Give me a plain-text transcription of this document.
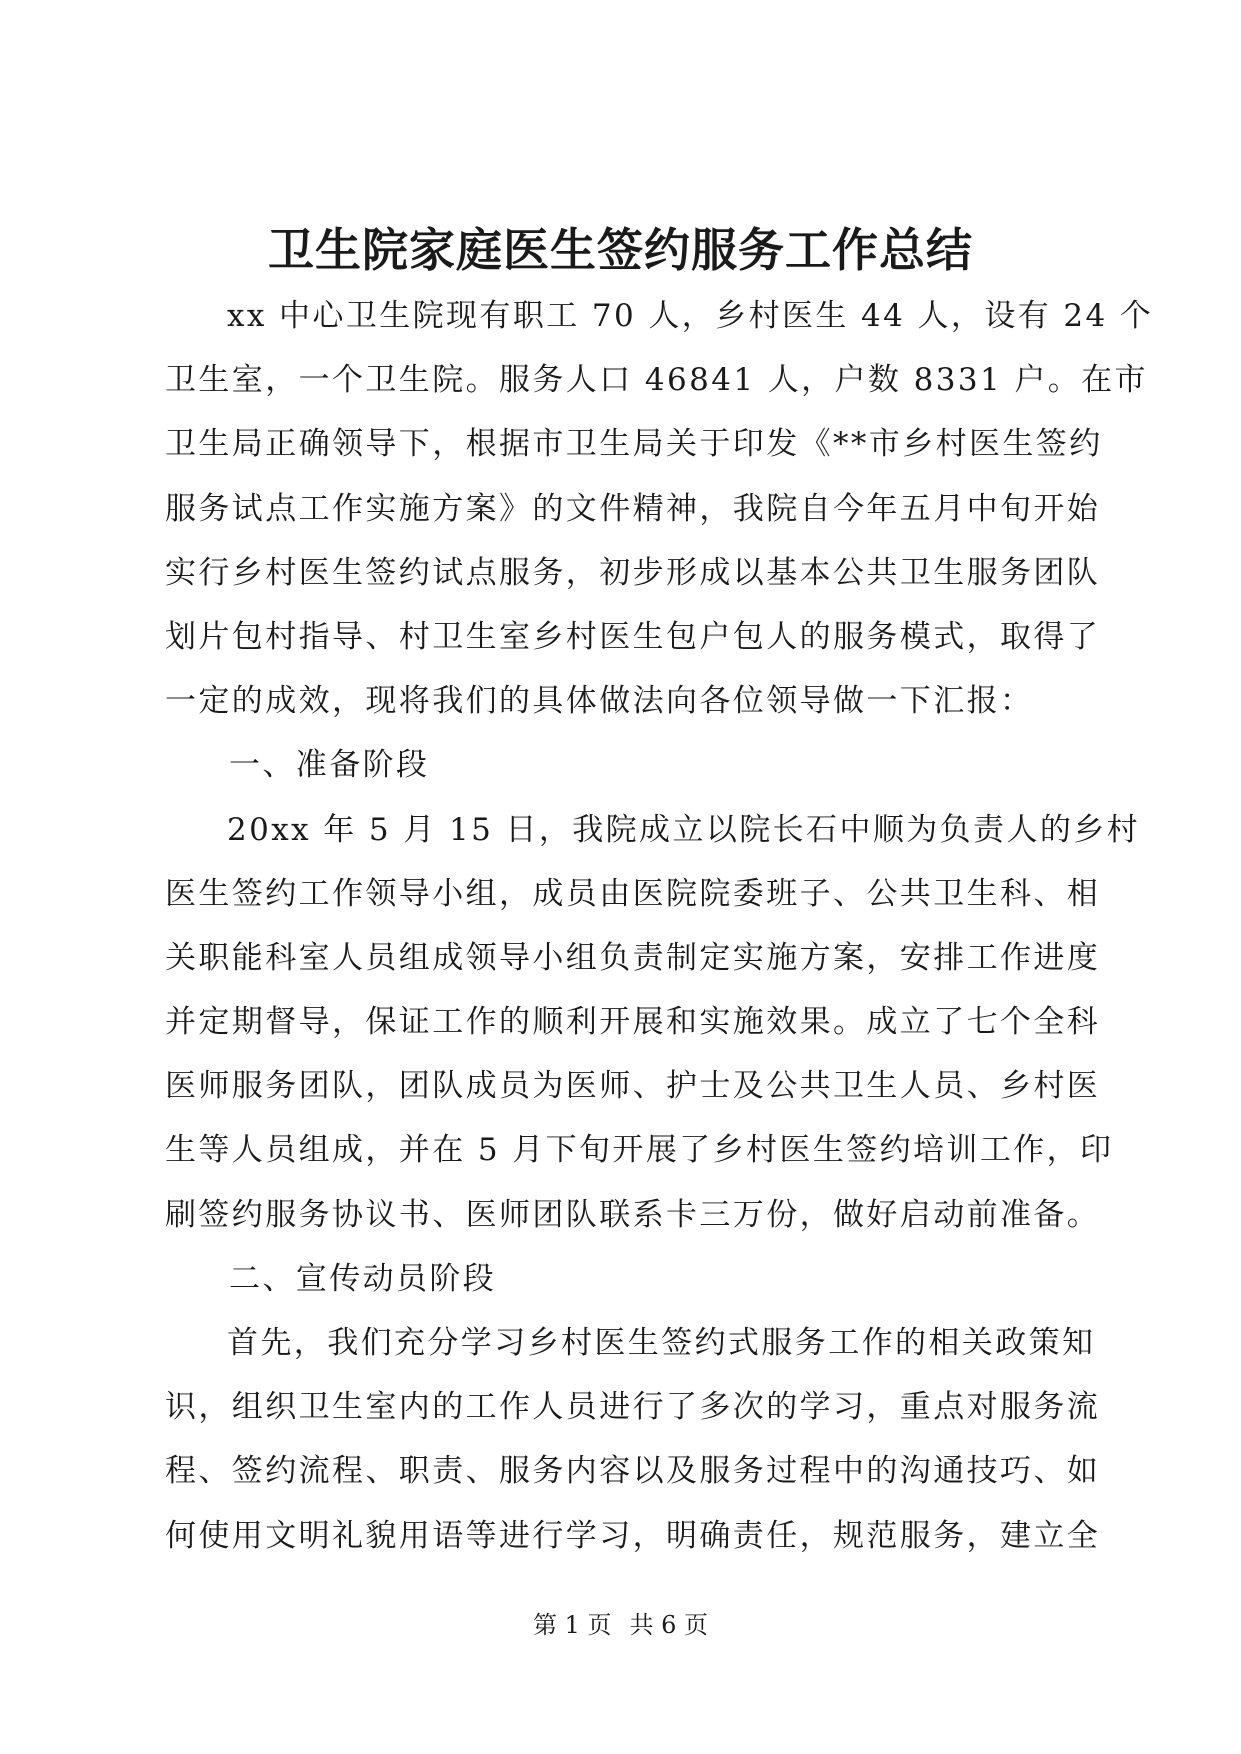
卫生院家庭医生签约服务工作总结
xx 中心卫生院现有职工 70 人，乡村医生 44 人，设有 24 个
卫生室，一个卫生院。服务人口 46841 人，户数 8331 户。在市
卫生局正确领导下，根据市卫生局关于印发《**市乡村医生签约
服务试点工作实施方案》的文件精神，我院自今年五月中旬开始
实行乡村医生签约试点服务，初步形成以基本公共卫生服务团队
划片包村指导、村卫生室乡村医生包户包人的服务模式，取得了
一定的成效，现将我们的具体做法向各位领导做一下汇报：
一、准备阶段
20xx 年 5 月 15 日，我院成立以院长石中顺为负责人的乡村
医生签约工作领导小组，成员由医院院委班子、公共卫生科、相
关职能科室人员组成领导小组负责制定实施方案，安排工作进度
并定期督导，保证工作的顺利开展和实施效果。成立了七个全科
医师服务团队，团队成员为医师、护士及公共卫生人员、乡村医
生等人员组成，并在 5 月下旬开展了乡村医生签约培训工作，印
刷签约服务协议书、医师团队联系卡三万份，做好启动前准备。
二、宣传动员阶段
首先，我们充分学习乡村医生签约式服务工作的相关政策知
识，组织卫生室内的工作人员进行了多次的学习，重点对服务流
程、签约流程、职责、服务内容以及服务过程中的沟通技巧、如
何使用文明礼貌用语等进行学习，明确责任，规范服务，建立全
第 1 页 共 6 页
